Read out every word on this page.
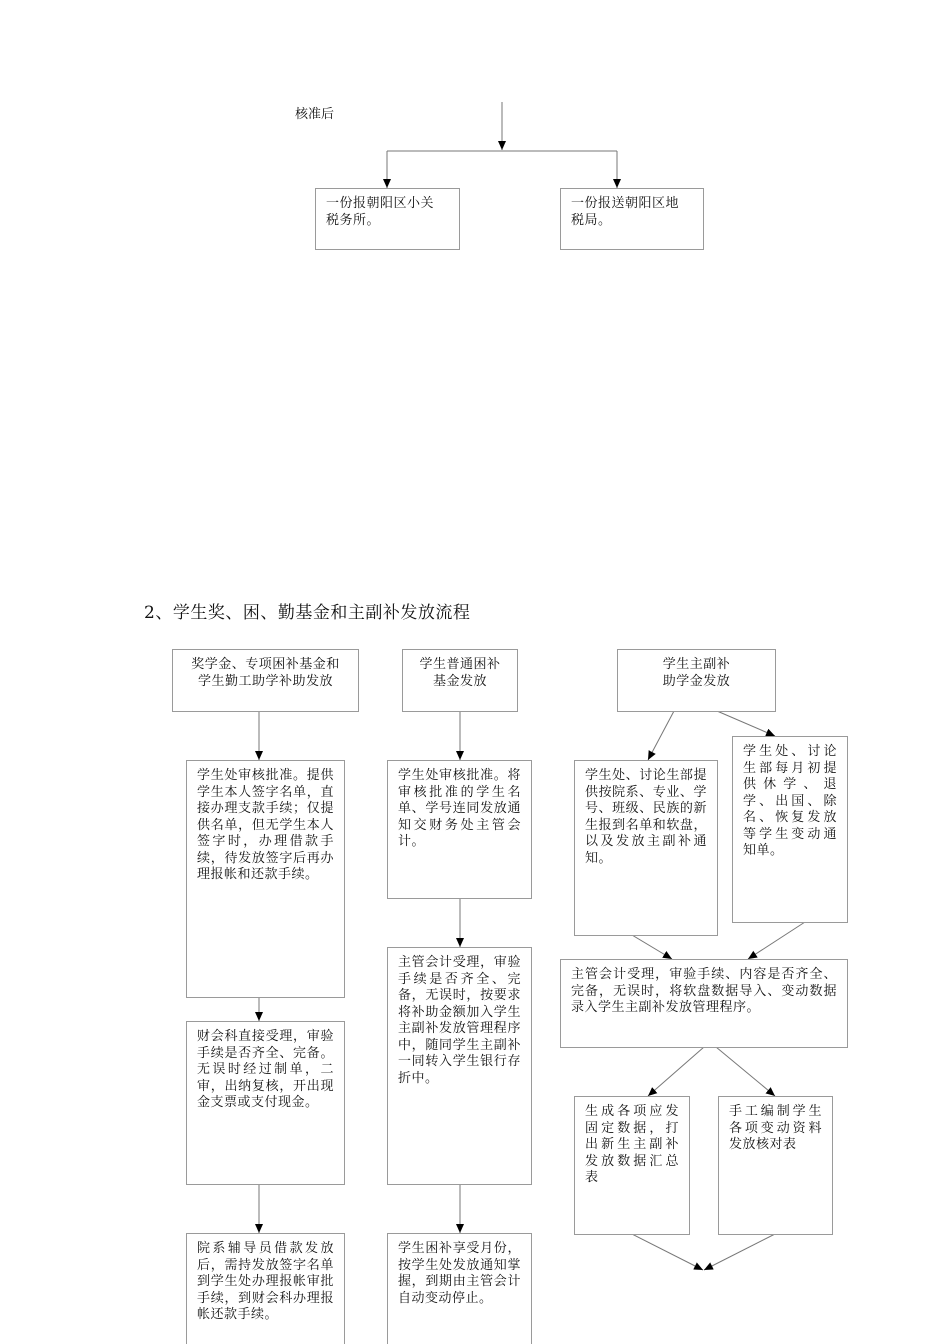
核准后
一份报朝阳区小关
税务所。
一份报送朝阳区地
税局。
2、学生奖、困、勤基金和主副补发放流程
奖学金、专项困补基金和
学生勤工助学补助发放
学生处审核批准。提供学生本人签字名单，直接办理支款手续；仅提供名单，但无学生本人签字时，办理借款手续，待发放签字后再办理报帐和还款手续。
财会科直接受理，审验手续是否齐全、完备。无误时经过制单，二审，出纳复核，开出现金支票或支付现金。
院系辅导员借款发放后，需持发放签字名单到学生处办理报帐审批手续，到财会科办理报帐还款手续。
学生普通困补
基金发放
学生处审核批准。将审核批准的学生名单、学号连同发放通知交财务处主管会计。
主管会计受理，审验手续是否齐全、完备，无误时，按要求将补助金额加入学生主副补发放管理程序中，随同学生主副补一同转入学生银行存折中。
学生困补享受月份，按学生处发放通知掌握，到期由主管会计自动变动停止。
学生主副补
助学金发放
学生处、讨论生部提供按院系、专业、学号、班级、民族的新生报到名单和软盘，以及发放主副补通知。
学生处、讨论生部每月初提供休学、退学、出国、除名、恢复发放等学生变动通知单。
主管会计受理，审验手续、内容是否齐全、完备，无误时，将软盘数据导入、变动数据录入学生主副补发放管理程序。
生成各项应发固定数据，打出新生主副补发放数据汇总表
手工编制学生各项变动资料发放核对表
